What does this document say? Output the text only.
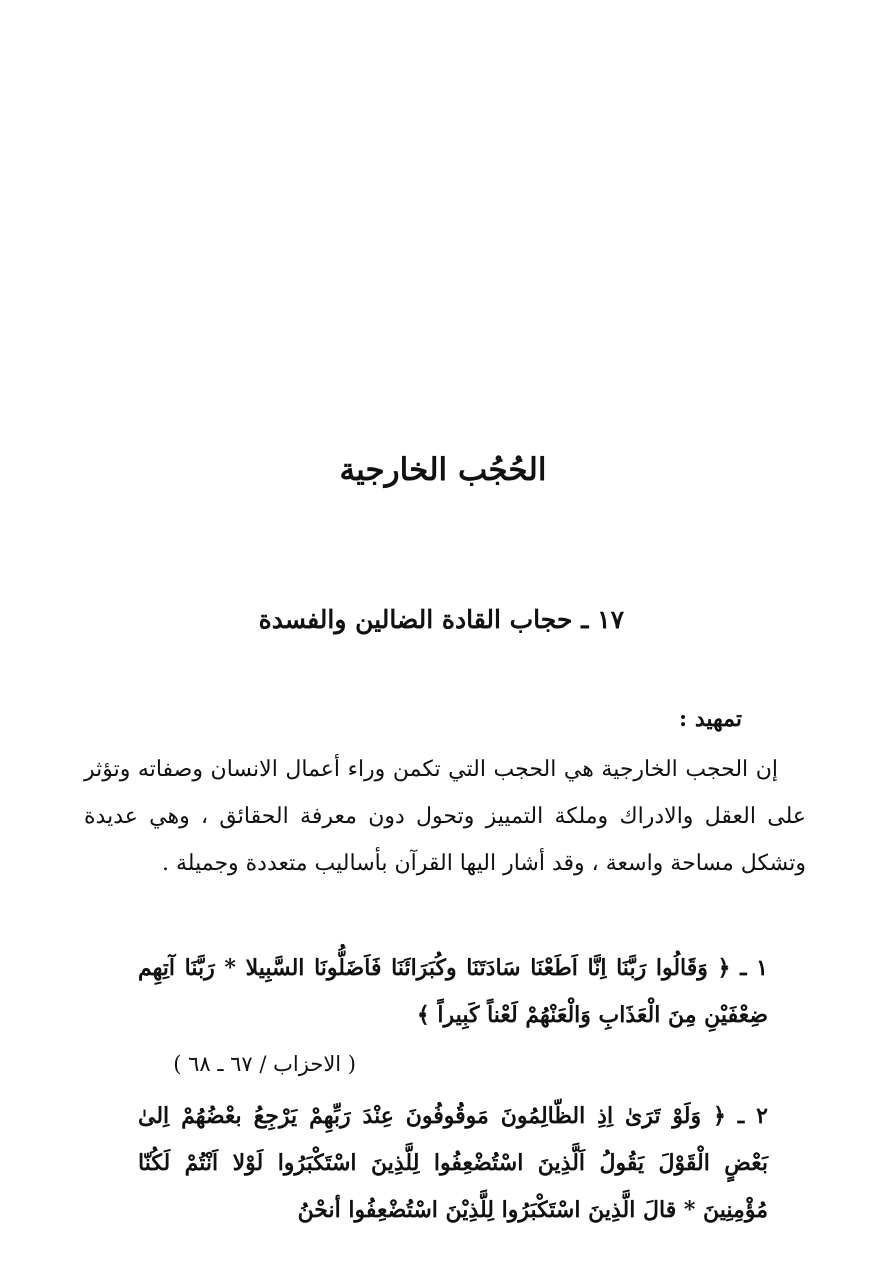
الحُجُب الخارجية
١٧ ـ حجاب القادة الضالين والفسدة
تمهيد :
إن الحجب الخارجية هي الحجب التي تكمن وراء أعمال الانسان وصفاته وتؤثر على العقل والادراك وملكة التمييز وتحول دون معرفة الحقائق ، وهي عديدة وتشكل مساحة واسعة ، وقد أشار اليها القرآن بأساليب متعددة وجميلة .
١ ـ ﴿ وَقَالُوا رَبَّنَا اِنَّا اَطَعْنَا سَادَتَنَا وكُبَرَائَنَا فَاَضَلُّونَا السَّبِيلا * رَبَّنَا آتِهِم ضِعْفَيْنِ مِنَ الْعَذَابِ وَالْعَنْهُمْ لَعْناً كَبِيراً ﴾
( الاحزاب / ٦٧ ـ ٦٨ )
٢ ـ ﴿ وَلَوْ تَرَىٰ اِذِ الظّالِمُونَ مَوقُوفُونَ عِنْدَ رَبِّهِمْ يَرْجِعُ بعْضُهُمْ اِلىٰ بَعْضٍ الْقَوْلَ يَقُولُ اَلَّذِينَ اسْتُضْعِفُوا لِلَّذِينَ اسْتَكْبَرُوا لَوْلا اَنْتُمْ لَكُنّا مُؤْمِنِينَ * قالَ الَّذِينَ اسْتَكْبَرُوا لِلَّذِيْنَ اسْتُضْعِفُوا أنحْنُ
